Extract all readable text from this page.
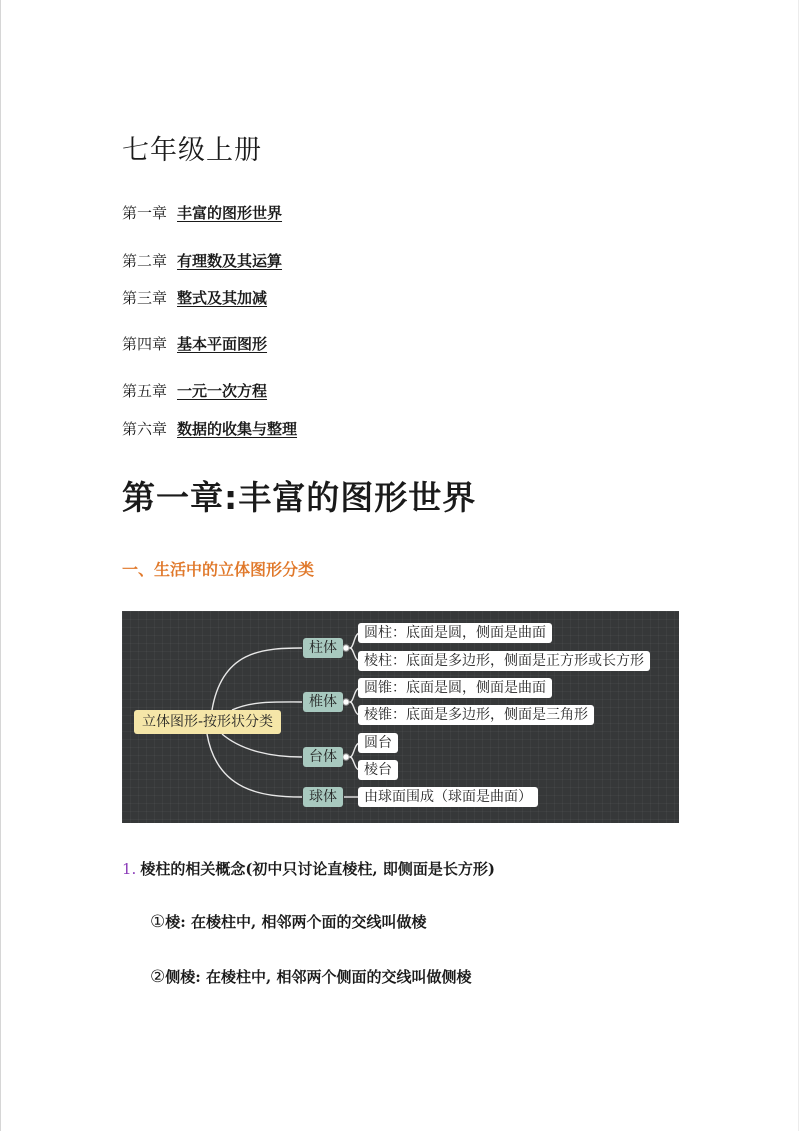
七年级上册
第一章 丰富的图形世界
第二章 有理数及其运算
第三章 整式及其加减
第四章 基本平面图形
第五章 一元一次方程
第六章 数据的收集与整理
第一章:丰富的图形世界
一、生活中的立体图形分类
立体图形-按形状分类
柱体
椎体
台体
球体
圆柱：底面是圆，侧面是曲面
棱柱：底面是多边形，侧面是正方形或长方形
圆锥：底面是圆，侧面是曲面
棱锥：底面是多边形，侧面是三角形
圆台
棱台
由球面围成（球面是曲面）
1. 棱柱的相关概念(初中只讨论直棱柱, 即侧面是长方形)
①棱: 在棱柱中, 相邻两个面的交线叫做棱
②侧棱: 在棱柱中, 相邻两个侧面的交线叫做侧棱
